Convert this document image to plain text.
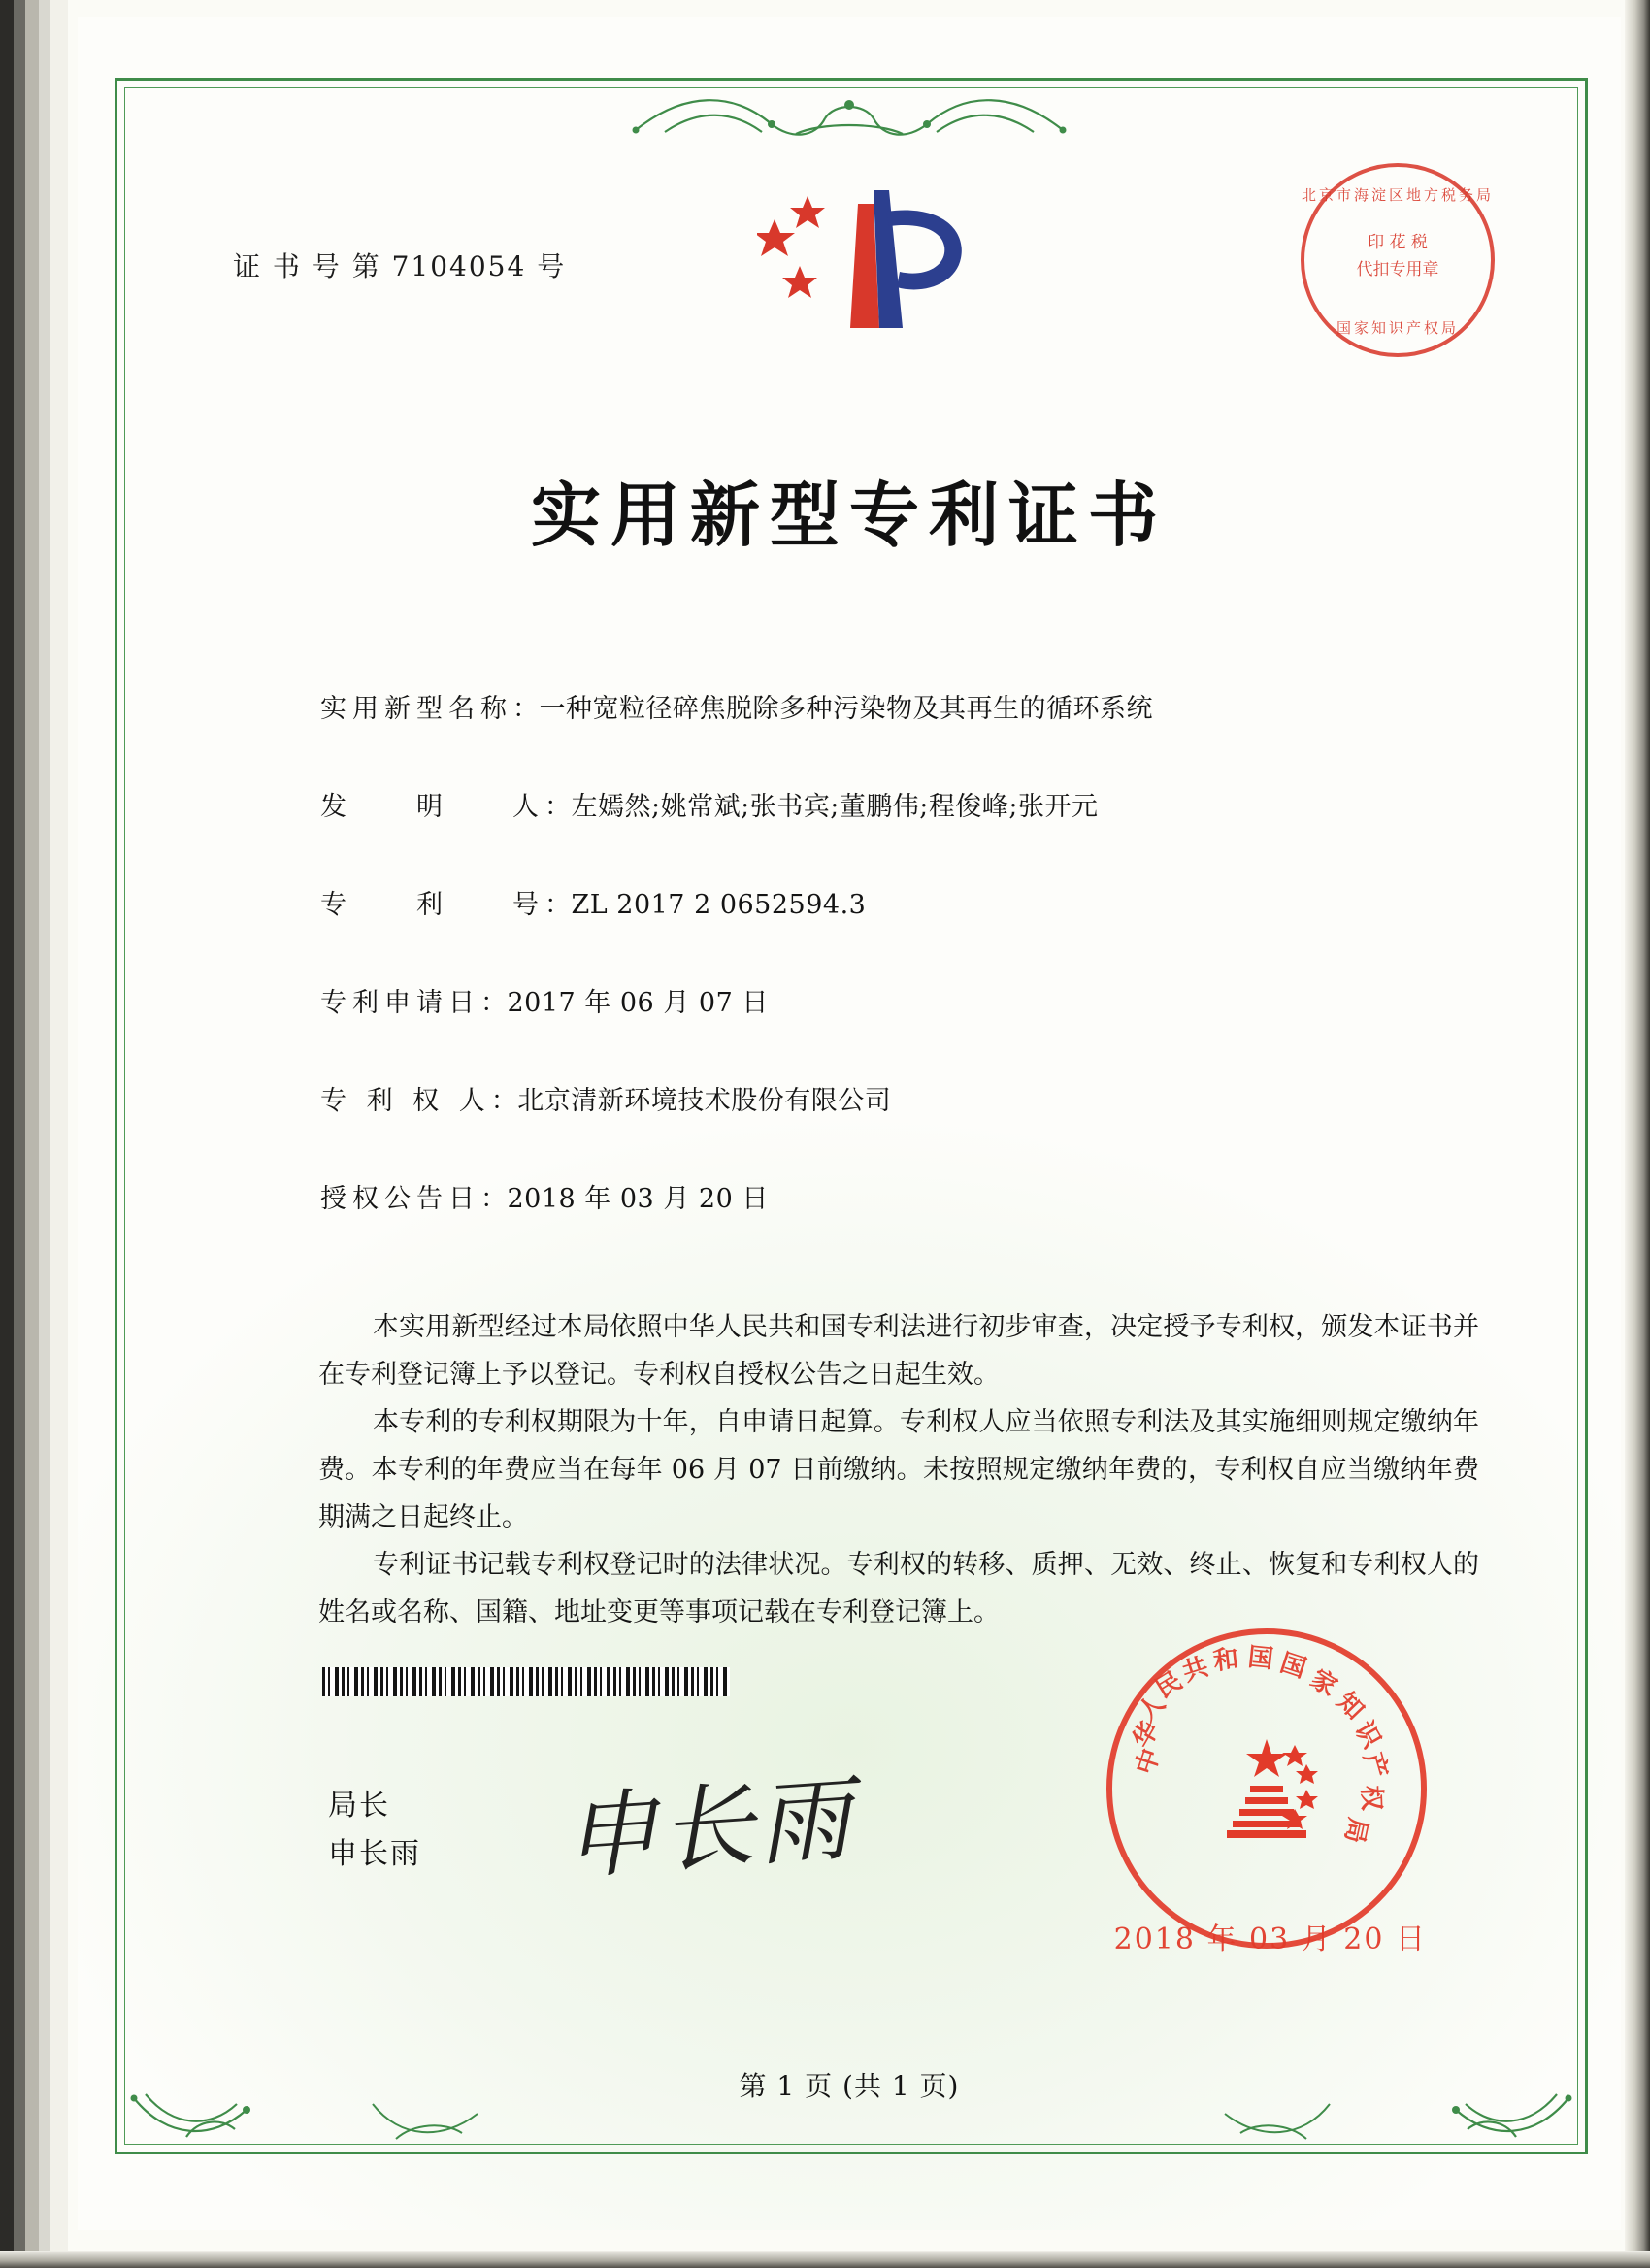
证 书 号 第 7104054 号
北京市海淀区地方税务局
印 花 税
代扣专用章
国家知识产权局
实用新型专利证书
实用新型名称：一种宽粒径碎焦脱除多种污染物及其再生的循环系统
发　　明　　人：左嫣然;姚常斌;张书宾;董鹏伟;程俊峰;张开元
专　　利　　号：ZL 2017 2 0652594.3
专利申请日：2017 年 06 月 07 日
专 利 权 人：北京清新环境技术股份有限公司
授权公告日：2018 年 03 月 20 日
本实用新型经过本局依照中华人民共和国专利法进行初步审查，决定授予专利权，颁发本证书并在专利登记簿上予以登记。专利权自授权公告之日起生效。
本专利的专利权期限为十年，自申请日起算。专利权人应当依照专利法及其实施细则规定缴纳年费。本专利的年费应当在每年 06 月 07 日前缴纳。未按照规定缴纳年费的，专利权自应当缴纳年费期满之日起终止。
专利证书记载专利权登记时的法律状况。专利权的转移、质押、无效、终止、恢复和专利权人的姓名或名称、国籍、地址变更等事项记载在专利登记簿上。
局长
申长雨 申长雨
中
华
人
民
共 和 国 国
家
知
识
产
权
局
2018 年 03 月 20 日
第 1 页 (共 1 页)
